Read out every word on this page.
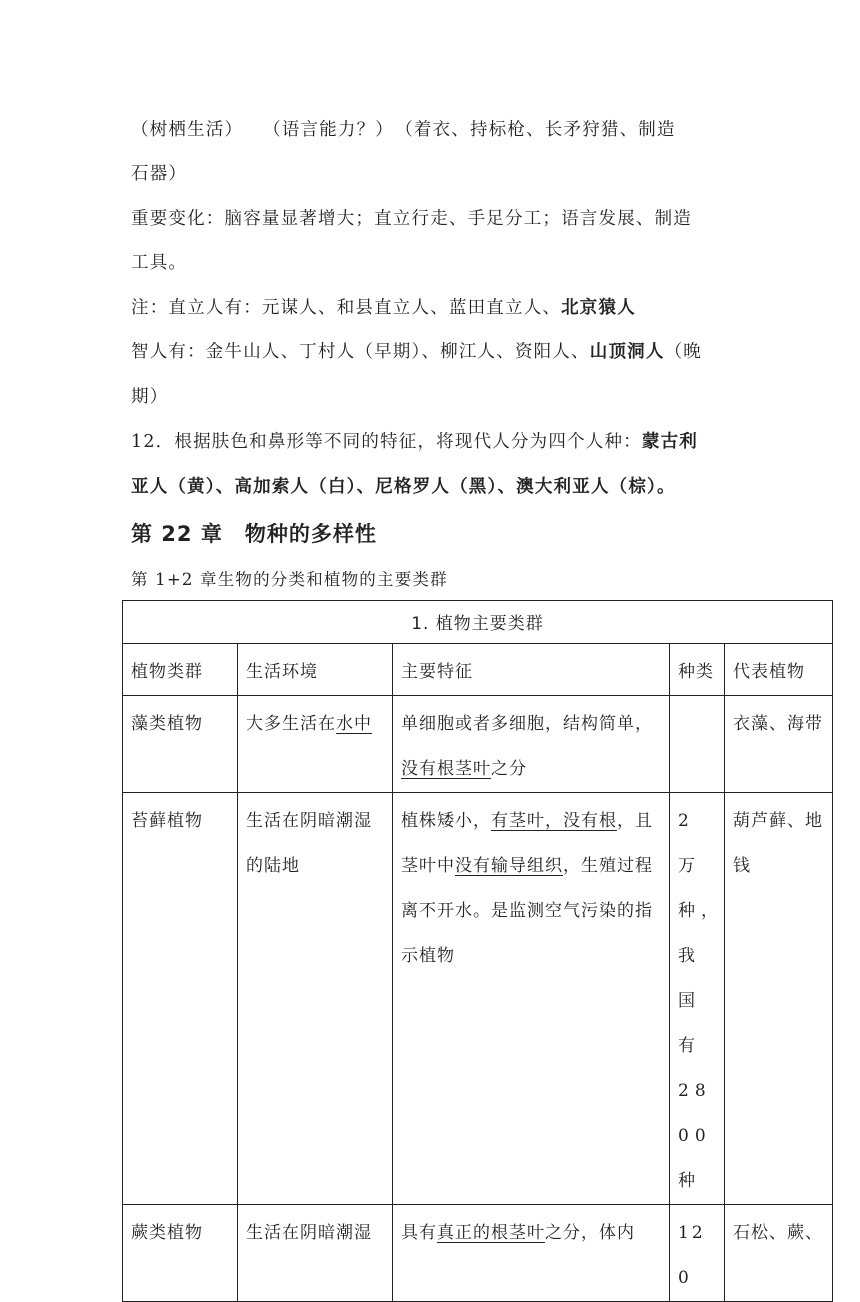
（树栖生活）　　（语言能力？）　（着衣、持标枪、长矛狩猎、制造
石器）
重要变化：脑容量显著增大；直立行走、手足分工；语言发展、制造
工具。
注：直立人有：元谋人、和县直立人、蓝田直立人、北京猿人
智人有：金牛山人、丁村人（早期）、柳江人、资阳人、山顶洞人（晚
期）
12．根据肤色和鼻形等不同的特征，将现代人分为四个人种：蒙古利
亚人（黄）、高加索人（白）、尼格罗人（黑）、澳大利亚人（棕）。
第 22 章　物种的多样性
第 1+2 章生物的分类和植物的主要类群
1. 植物主要类群				
植物类群	生活环境	主要特征	种类	代表植物
藻类植物	大多生活在水中	单细胞或者多细胞，结构简单，没有根茎叶之分		衣藻、海带
苔藓植物	生活在阴暗潮湿的陆地	植株矮小，有茎叶，没有根，且茎叶中没有输导组织，生殖过程离不开水。是监测空气污染的指示植物	2 万种，我国有 2800种	葫芦藓、地钱
蕨类植物	生活在阴暗潮湿	具有真正的根茎叶之分，体内	120	石松、蕨、
